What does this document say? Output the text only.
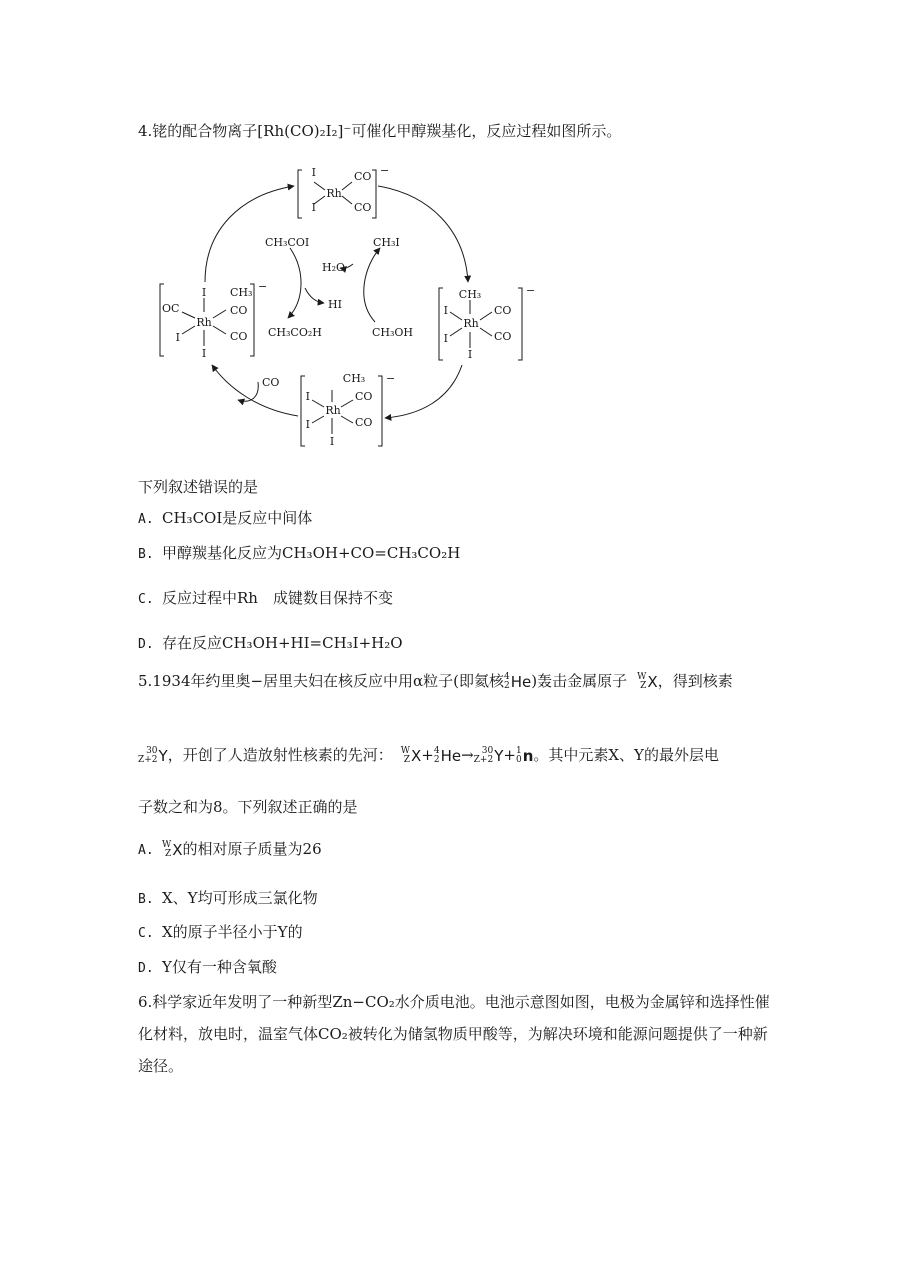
4.铑的配合物离子[Rh(CO)₂I₂]⁻可催化甲醇羰基化，反应过程如图所示。
I
I
Rh
CO
CO
−
CH₃
I
I
Rh
CO
CO
I
−
CH₃
I
I
Rh
CO
CO
I
−
I
OC
I
CH₃
CO
CO
I
Rh
−
CH₃COI	CH₃I
H₂O
HI
CH₃CO₂H	CH₃OH
CO
下列叙述错误的是
A. CH₃COI是反应中间体
B. 甲醇羰基化反应为CH₃OH+CO=CH₃CO₂H
C. 反应过程中Rh　成键数目保持不变
D. 存在反应CH₃OH+HI=CH₃I+H₂O
5.1934年约里奥−居里夫妇在核反应中用α粒子(即氦核 4
2 He )轰击金属原子 W
Z X ，得到核素
30
Z+2 Y ，开创了人造放射性核素的先河： W
Z X + 4
2 He → 30
Z+2 Y + 1
0 n 。其中元素X、Y的最外层电
子数之和为8。下列叙述正确的是
A. W
Z X 的相对原子质量为26
B. X、Y均可形成三氯化物
C. X的原子半径小于Y的
D. Y仅有一种含氧酸
6.科学家近年发明了一种新型Zn−CO₂水介质电池。电池示意图如图，电极为金属锌和选择性催化材料，放电时，温室气体CO₂被转化为储氢物质甲酸等，为解决环境和能源问题提供了一种新途径。
